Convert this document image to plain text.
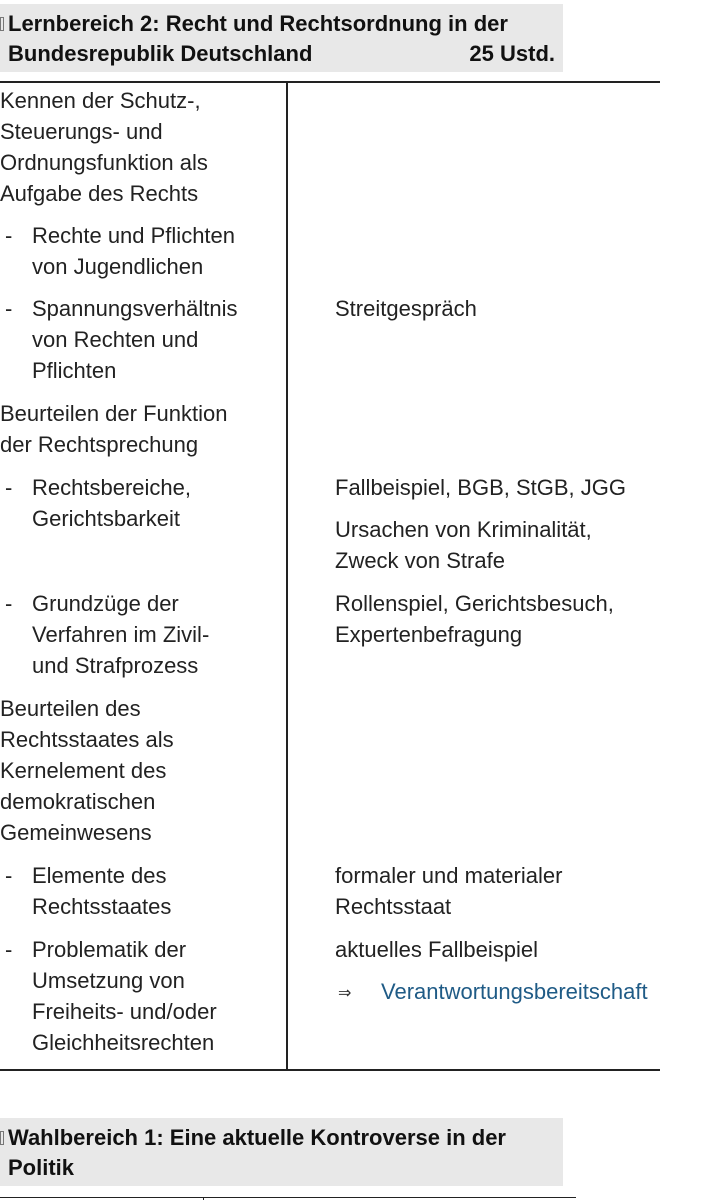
Lernbereich 2: Recht und Rechtsordnung in der
Bundesrepublik Deutschland	25 Ustd.
Kennen der Schutz-,
Steuerungs- und
Ordnungsfunktion als
Aufgabe des Rechts
- Rechte und Pflichten
von Jugendlichen
- Spannungsverhältnis
von Rechten und
Pflichten
Beurteilen der Funktion
der Rechtsprechung
- Rechtsbereiche,
Gerichtsbarkeit
- Grundzüge der
Verfahren im Zivil-
und Strafprozess
Beurteilen des
Rechtsstaates als
Kernelement des
demokratischen
Gemeinwesens
- Elemente des
Rechtsstaates
- Problematik der
Umsetzung von
Freiheits- und/oder
Gleichheitsrechten
Streitgespräch
Fallbeispiel, BGB, StGB, JGG
Ursachen von Kriminalität,
Zweck von Strafe
Rollenspiel, Gerichtsbesuch,
Expertenbefragung
formaler und materialer
Rechtsstaat
aktuelles Fallbeispiel
⇒ Verantwortungsbereitschaft
Wahlbereich 1: Eine aktuelle Kontroverse in der
Politik
